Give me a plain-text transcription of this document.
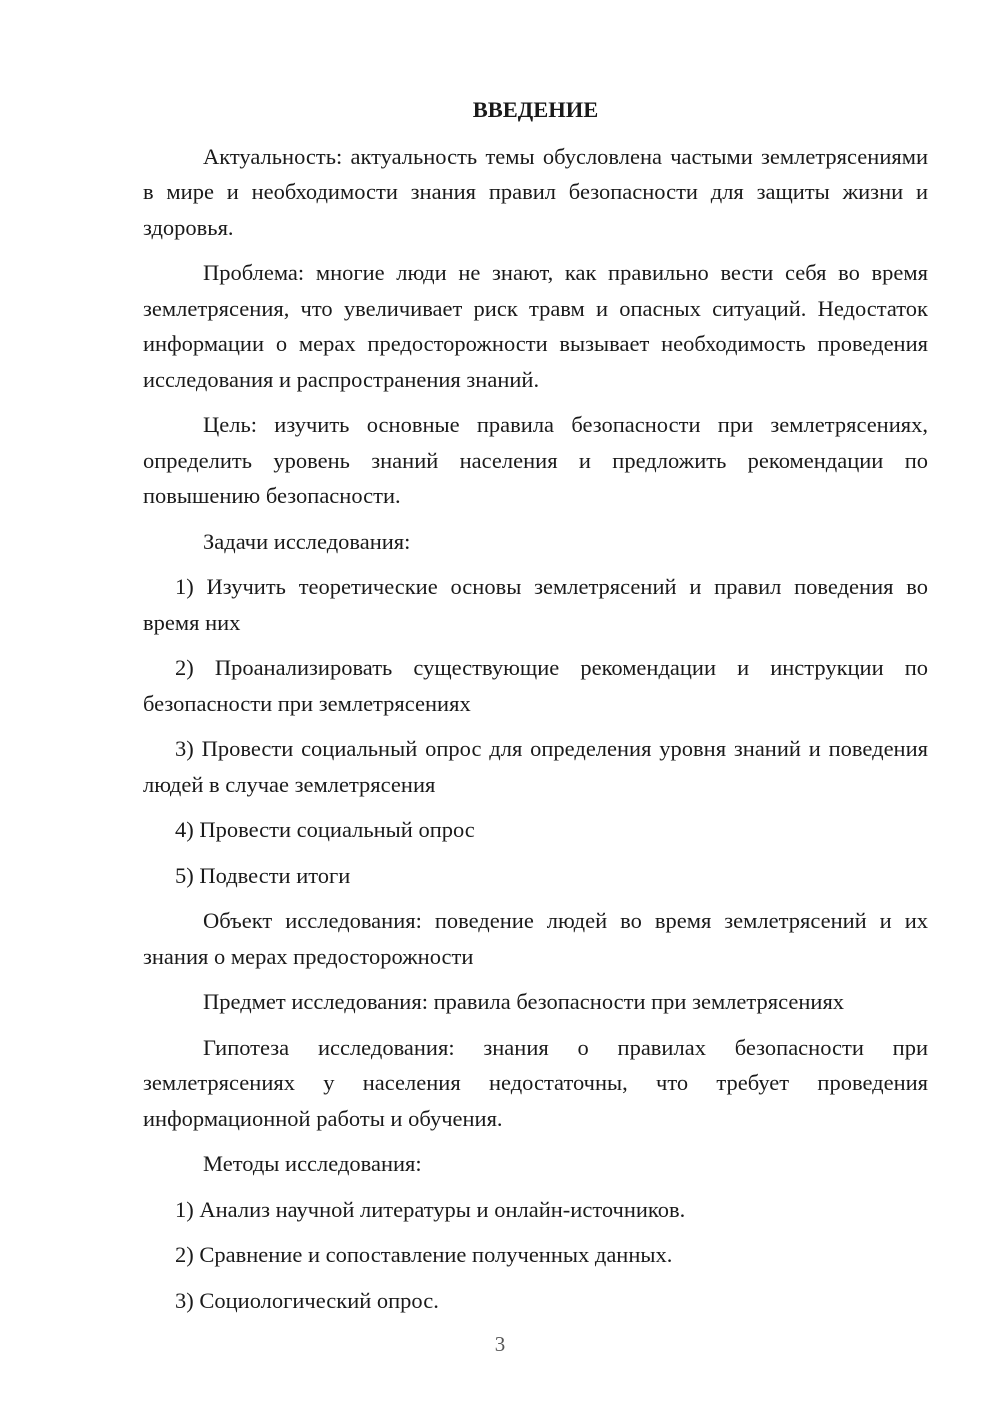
ВВЕДЕНИЕ

Актуальность: актуальность темы обусловлена частыми землетрясениями в мире и необходимости знания правил безопасности для защиты жизни и здоровья.

Проблема: многие люди не знают, как правильно вести себя во время землетрясения, что увеличивает риск травм и опасных ситуаций. Недостаток информации о мерах предосторожности вызывает необходимость проведения исследования и распространения знаний.

Цель: изучить основные правила безопасности при землетрясениях, определить уровень знаний населения и предложить рекомендации по повышению безопасности.

Задачи исследования:

1) Изучить теоретические основы землетрясений и правил поведения во время них

2) Проанализировать существующие рекомендации и инструкции по безопасности при землетрясениях

3) Провести социальный опрос для определения уровня знаний и поведения людей в случае землетрясения

4) Провести социальный опрос

5) Подвести итоги

Объект исследования: поведение людей во время землетрясений и их знания о мерах предосторожности

Предмет исследования: правила безопасности при землетрясениях

Гипотеза исследования: знания о правилах безопасности при землетрясениях у населения недостаточны, что требует проведения информационной работы и обучения.

Методы исследования:

1) Анализ научной литературы и онлайн-источников.

2) Сравнение и сопоставление полученных данных.

3) Социологический опрос.

3
